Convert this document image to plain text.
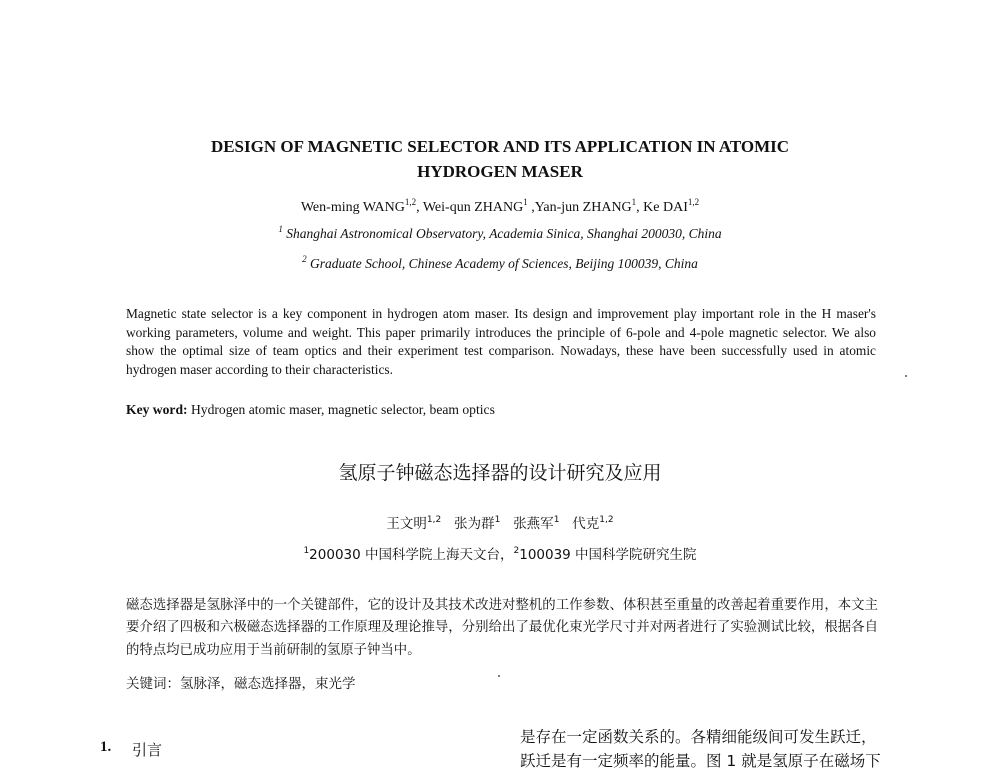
DESIGN OF MAGNETIC SELECTOR AND ITS APPLICATION IN ATOMIC
HYDROGEN MASER
Wen-ming WANG$^{1,2}$, Wei-qun ZHANG$^1$ ,Yan-jun ZHANG$^1$, Ke DAI$^{1,2}$
$^1$ Shanghai Astronomical Observatory, Academia Sinica, Shanghai 200030, China
$^2$ Graduate School, Chinese Academy of Sciences, Beijing 100039, China
Magnetic state selector is a key component in hydrogen atom maser. Its design and improvement play important role in the H maser's working parameters, volume and weight. This paper primarily introduces the principle of 6-pole and 4-pole magnetic selector. We also show the optimal size of team optics and their experiment test comparison. Nowadays, these have been successfully used in atomic hydrogen maser according to their characteristics.
Key word: Hydrogen atomic maser, magnetic selector, beam optics
氢原子钟磁态选择器的设计研究及应用
王文明$^{1,2}$ 张为群$^1$ 张燕军$^1$ 代克$^{1,2}$
$^1$200030 中国科学院上海天文台，$^2$100039 中国科学院研究生院
磁态选择器是氢脉泽中的一个关键部件，它的设计及其技术改进对整机的工作参数、体积甚至重量的改善起着重要作用，本文主要介绍了四极和六极磁态选择器的工作原理及理论推导，分别给出了最优化束光学尺寸并对两者进行了实验测试比较，根据各自的特点均已成功应用于当前研制的氢原子钟当中。
关键词：氢脉泽，磁态选择器，束光学
1. 引言
是存在一定函数关系的。各精细能级间可发生跃迁，
跃迁是有一定频率的能量。图 1 就是氢原子在磁场下
